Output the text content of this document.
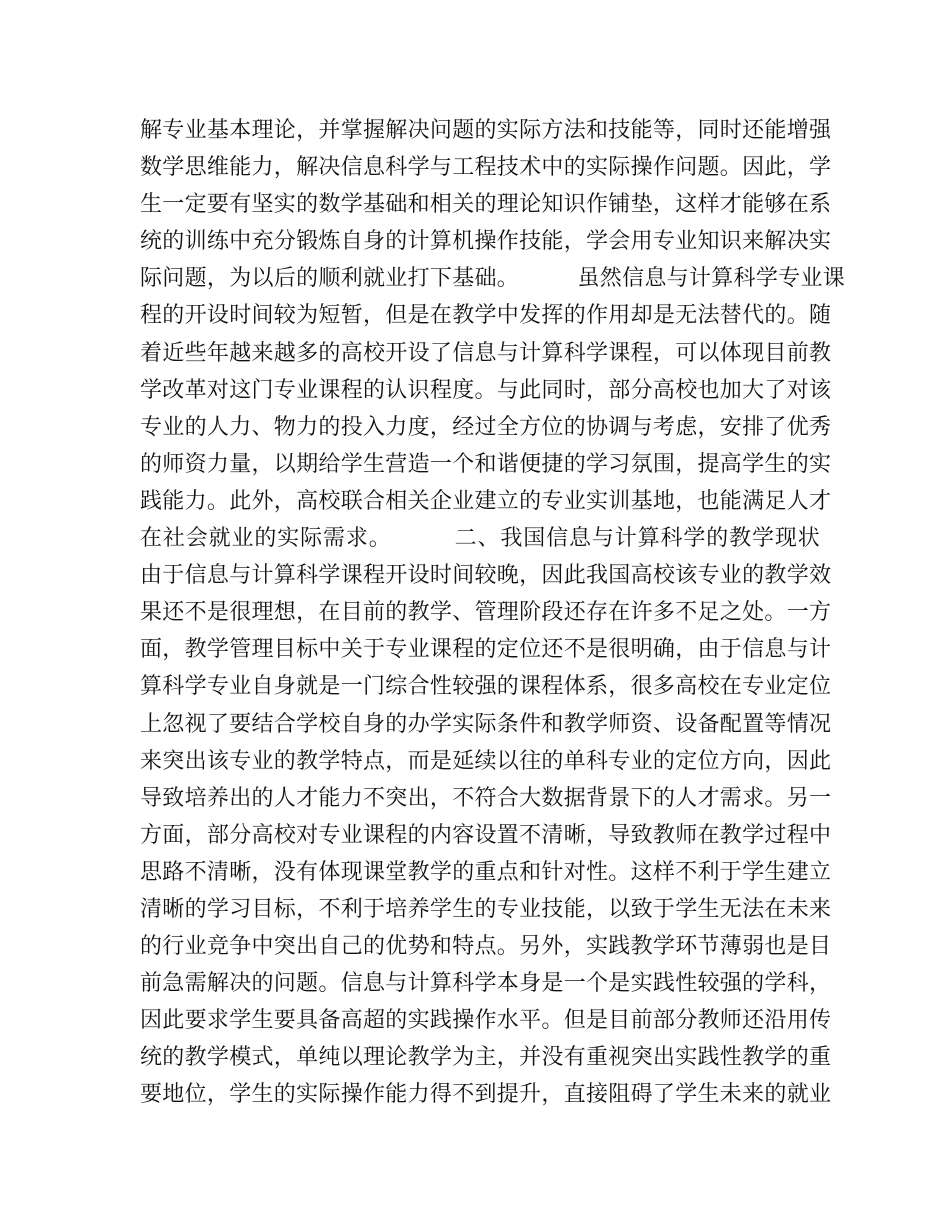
解专业基本理论，并掌握解决问题的实际方法和技能等，同时还能增强
数学思维能力，解决信息科学与工程技术中的实际操作问题。因此，学
生一定要有坚实的数学基础和相关的理论知识作铺垫，这样才能够在系
统的训练中充分锻炼自身的计算机操作技能，学会用专业知识来解决实
际问题，为以后的顺利就业打下基础。        虽然信息与计算科学专业课
程的开设时间较为短暂，但是在教学中发挥的作用却是无法替代的。随
着近些年越来越多的高校开设了信息与计算科学课程，可以体现目前教
学改革对这门专业课程的认识程度。与此同时，部分高校也加大了对该
专业的人力、物力的投入力度，经过全方位的协调与考虑，安排了优秀
的师资力量，以期给学生营造一个和谐便捷的学习氛围，提高学生的实
践能力。此外，高校联合相关企业建立的专业实训基地，也能满足人才
在社会就业的实际需求。        二、我国信息与计算科学的教学现状
由于信息与计算科学课程开设时间较晚，因此我国高校该专业的教学效
果还不是很理想，在目前的教学、管理阶段还存在许多不足之处。一方
面，教学管理目标中关于专业课程的定位还不是很明确，由于信息与计
算科学专业自身就是一门综合性较强的课程体系，很多高校在专业定位
上忽视了要结合学校自身的办学实际条件和教学师资、设备配置等情况
来突出该专业的教学特点，而是延续以往的单科专业的定位方向，因此
导致培养出的人才能力不突出，不符合大数据背景下的人才需求。另一
方面，部分高校对专业课程的内容设置不清晰，导致教师在教学过程中
思路不清晰，没有体现课堂教学的重点和针对性。这样不利于学生建立
清晰的学习目标，不利于培养学生的专业技能，以致于学生无法在未来
的行业竞争中突出自己的优势和特点。另外，实践教学环节薄弱也是目
前急需解决的问题。信息与计算科学本身是一个是实践性较强的学科，
因此要求学生要具备高超的实践操作水平。但是目前部分教师还沿用传
统的教学模式，单纯以理论教学为主，并没有重视突出实践性教学的重
要地位，学生的实际操作能力得不到提升，直接阻碍了学生未来的就业
